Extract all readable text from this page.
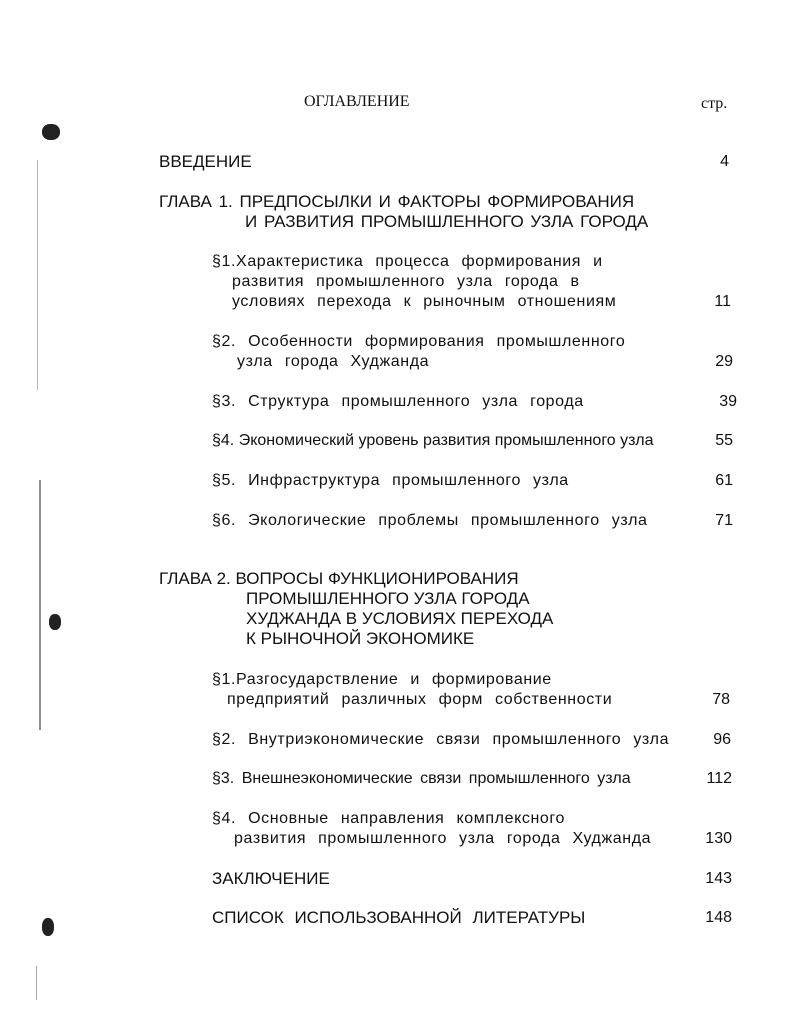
ОГЛАВЛЕНИЕ	стр.
ВВЕДЕНИЕ	4
ГЛАВА 1. ПРЕДПОСЫЛКИ И ФАКТОРЫ ФОРМИРОВАНИЯ
И РАЗВИТИЯ ПРОМЫШЛЕННОГО УЗЛА ГОРОДА
§1.Характеристика процесса формирования и
развития промышленного узла города в
условиях перехода к рыночным отношениям	11
§2. Особенности формирования промышленного
узла города Худжанда	29
§3. Структура промышленного узла города	39
§4. Экономический уровень развития промышленного узла	55
§5. Инфраструктура промышленного узла	61
§6. Экологические проблемы промышленного узла	71
ГЛАВА 2. ВОПРОСЫ ФУНКЦИОНИРОВАНИЯ
ПРОМЫШЛЕННОГО УЗЛА ГОРОДА
ХУДЖАНДА В УСЛОВИЯХ ПЕРЕХОДА
К РЫНОЧНОЙ ЭКОНОМИКЕ
§1.Разгосударствление и формирование
предприятий различных форм собственности	78
§2. Внутриэкономические связи промышленного узла	96
§3. Внешнеэкономические связи промышленного узла	112
§4. Основные направления комплексного
развития промышленного узла города Худжанда	130
ЗАКЛЮЧЕНИЕ	143
СПИСОК ИСПОЛЬЗОВАННОЙ ЛИТЕРАТУРЫ	148
